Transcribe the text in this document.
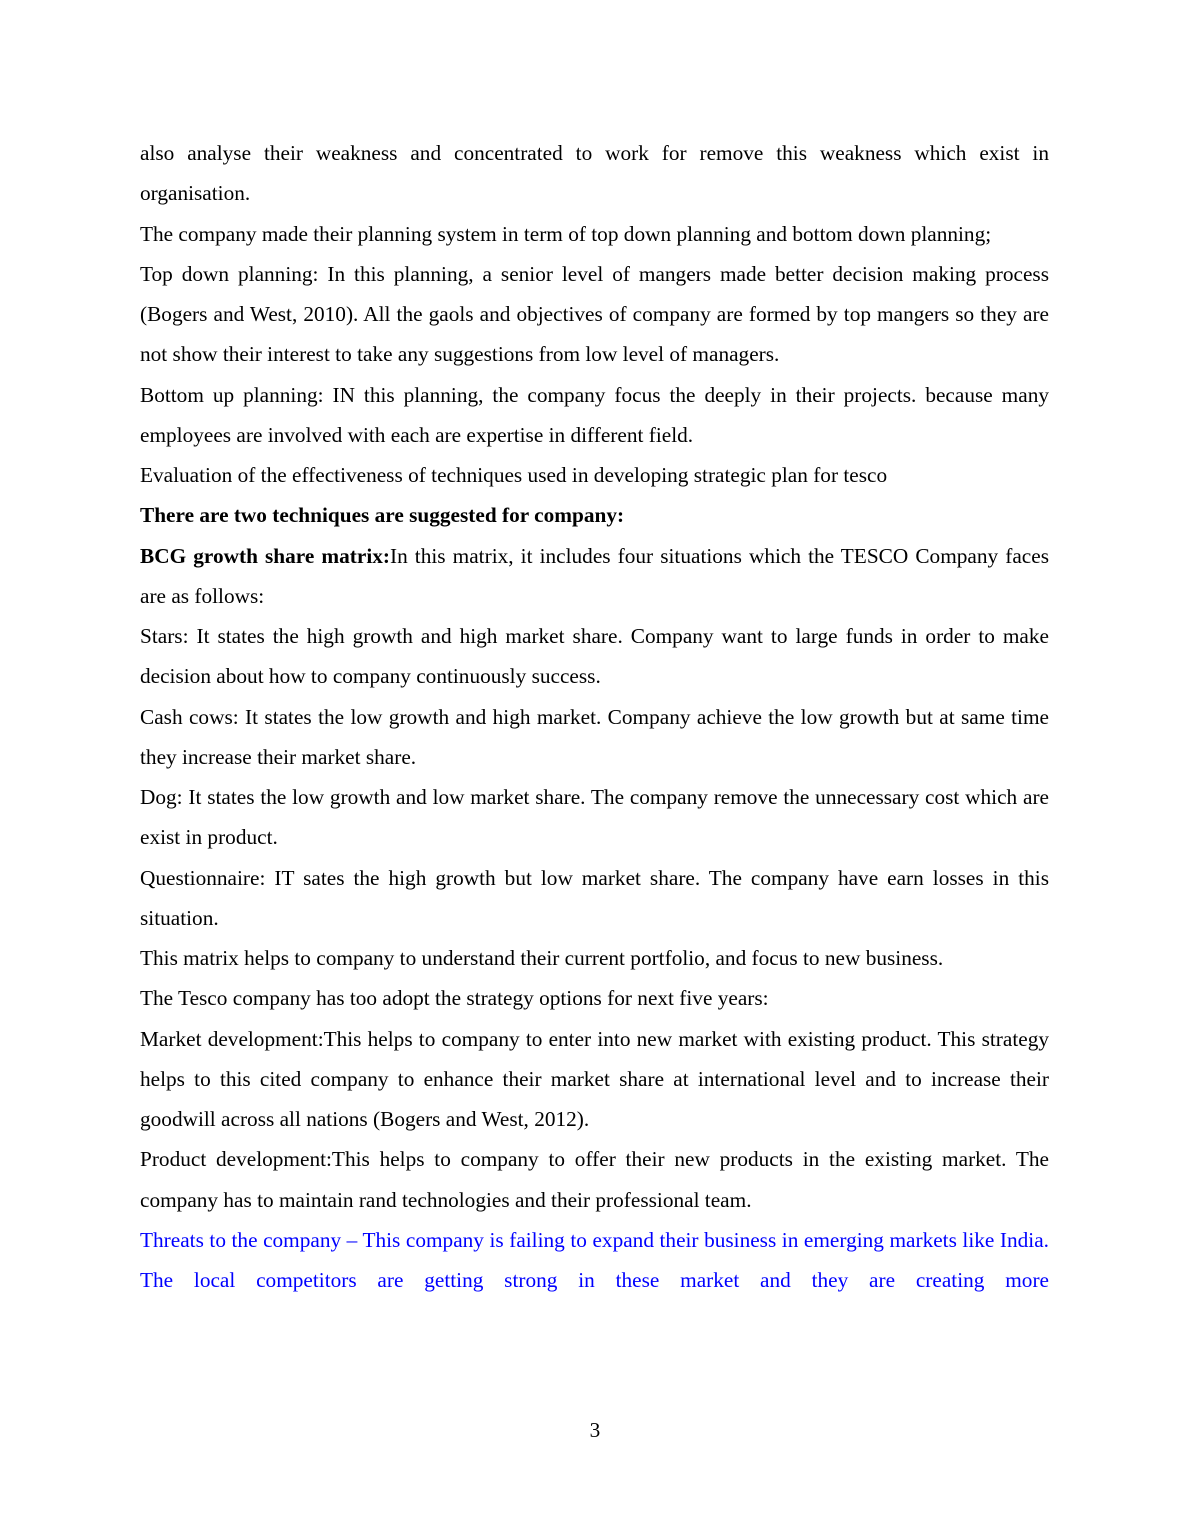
also analyse their weakness and concentrated to work for remove this weakness which exist in organisation.

The company made their planning system in term of top down planning and bottom down planning;

Top down planning: In this planning, a senior level of mangers made better decision making process (Bogers and West, 2010). All the gaols and objectives of company are formed by top mangers so they are not show their interest to take any suggestions from low level of managers.

Bottom up planning: IN this planning, the company focus the deeply in their projects. because many employees are involved with each are expertise in different field.

Evaluation of the effectiveness of techniques used in developing strategic plan for tesco

There are two techniques are suggested for company:

BCG growth share matrix:In this matrix, it includes four situations which the TESCO Company faces are as follows:

Stars: It states the high growth and high market share. Company want to large funds in order to make decision about how to company continuously success.

Cash cows: It states the low growth and high market. Company achieve the low growth but at same time they increase their market share.

Dog: It states the low growth and low market share. The company remove the unnecessary cost which are exist in product.

Questionnaire: IT sates the high growth but low market share. The company have earn losses in this situation.

This matrix helps to company to understand their current portfolio, and focus to new business.

The Tesco company has too adopt the strategy options for next five years:

Market development:This helps to company to enter into new market with existing product. This strategy helps to this cited company to enhance their market share at international level and to increase their goodwill across all nations (Bogers and West, 2012).

Product development:This helps to company to offer their new products in the existing market. The company has to maintain rand technologies and their professional team.

Threats to the company – This company is failing to expand their business in emerging markets like India. The local competitors are getting strong in these market and they are creating more

3
